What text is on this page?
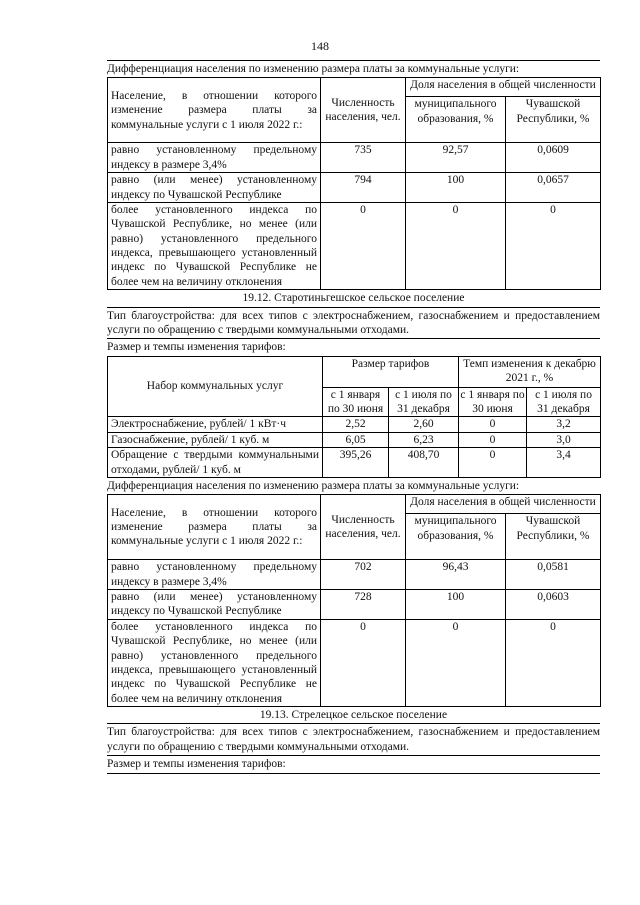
148
Дифференциация населения по изменению размера платы за коммунальные услуги:
Население, в отношении которого изменение размера платы за коммунальные услуги с 1 июля 2022 г.:	Численность населения, чел.	Доля населения в общей численности	
		муниципального образования, %	Чувашской Республики, %
равно установленному предельному индексу в размере 3,4%	735	92,57	0,0609
равно (или менее) установленному индексу по Чувашской Республике	794	100	0,0657
более установленного индекса по Чувашской Республике, но менее (или равно) установленного предельного индекса, превышающего установленный индекс по Чувашской Республике не более чем на величину отклонения	0	0	0
19.12. Старотиньгешское сельское поселение
Тип благоустройства: для всех типов с электроснабжением, газоснабжением и предоставлением услуги по обращению с твердыми коммунальными отходами.
Размер и темпы изменения тарифов:
Набор коммунальных услуг	Размер тарифов		Темп изменения к декабрю 2021 г., %	
	с 1 января по 30 июня	с 1 июля по 31 декабря	с 1 января по 30 июня	с 1 июля по 31 декабря
Электроснабжение, рублей/ 1 кВт·ч	2,52	2,60	0	3,2
Газоснабжение, рублей/ 1 куб. м	6,05	6,23	0	3,0
Обращение с твердыми коммунальными отходами, рублей/ 1 куб. м	395,26	408,70	0	3,4
Дифференциация населения по изменению размера платы за коммунальные услуги:
Население, в отношении которого изменение размера платы за коммунальные услуги с 1 июля 2022 г.:	Численность населения, чел.	Доля населения в общей численности	
		муниципального образования, %	Чувашской Республики, %
равно установленному предельному индексу в размере 3,4%	702	96,43	0,0581
равно (или менее) установленному индексу по Чувашской Республике	728	100	0,0603
более установленного индекса по Чувашской Республике, но менее (или равно) установленного предельного индекса, превышающего установленный индекс по Чувашской Республике не более чем на величину отклонения	0	0	0
19.13. Стрелецкое сельское поселение
Тип благоустройства: для всех типов с электроснабжением, газоснабжением и предоставлением услуги по обращению с твердыми коммунальными отходами.
Размер и темпы изменения тарифов:
